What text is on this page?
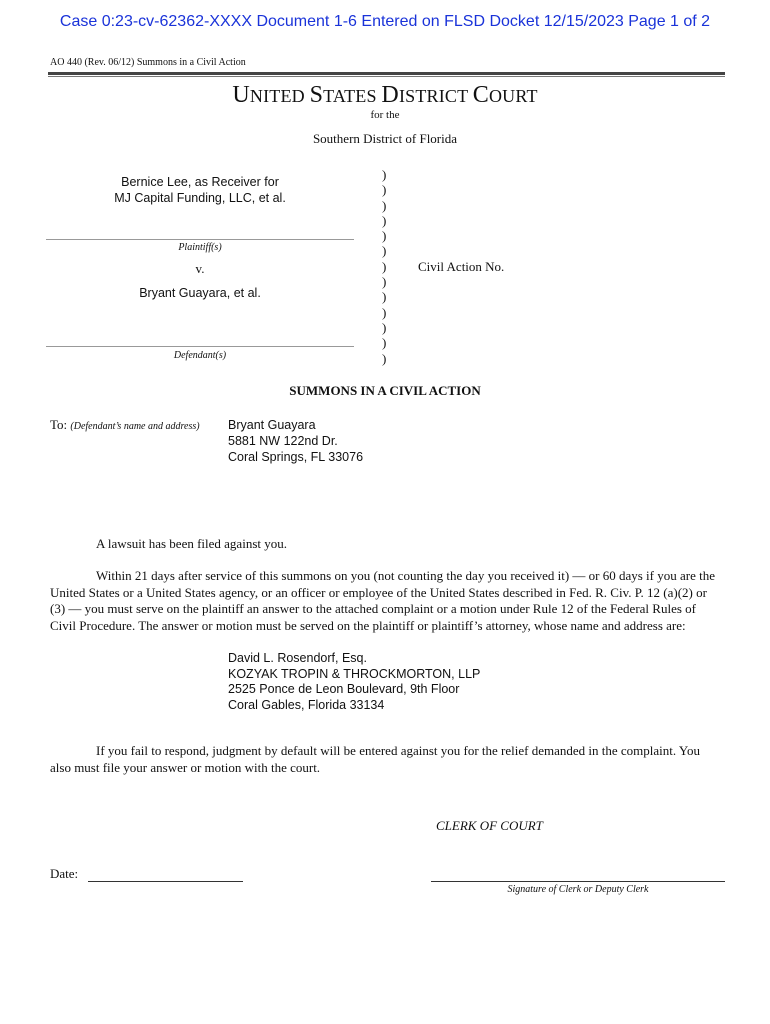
Case 0:23-cv-62362-XXXX Document 1-6 Entered on FLSD Docket 12/15/2023 Page 1 of 2
AO 440 (Rev. 06/12) Summons in a Civil Action
UNITED STATES DISTRICT COURT
for the
Southern District of Florida
Bernice Lee, as Receiver for
MJ Capital Funding, LLC, et al.
Plaintiff(s)
v.
Bryant Guayara, et al.
Defendant(s)
)
)
)
)
)
)
)
)
)
)
)
)
)
Civil Action No.
SUMMONS IN A CIVIL ACTION
To: (Defendant’s name and address) Bryant Guayara
5881 NW 122nd Dr.
Coral Springs, FL 33076
A lawsuit has been filed against you.
Within 21 days after service of this summons on you (not counting the day you received it) — or 60 days if you are the United States or a United States agency, or an officer or employee of the United States described in Fed. R. Civ. P. 12 (a)(2) or (3) — you must serve on the plaintiff an answer to the attached complaint or a motion under Rule 12 of the Federal Rules of Civil Procedure. The answer or motion must be served on the plaintiff or plaintiff’s attorney, whose name and address are:
David L. Rosendorf, Esq.
KOZYAK TROPIN & THROCKMORTON, LLP
2525 Ponce de Leon Boulevard, 9th Floor
Coral Gables, Florida 33134
If you fail to respond, judgment by default will be entered against you for the relief demanded in the complaint. You also must file your answer or motion with the court.
CLERK OF COURT
Date:
Signature of Clerk or Deputy Clerk
